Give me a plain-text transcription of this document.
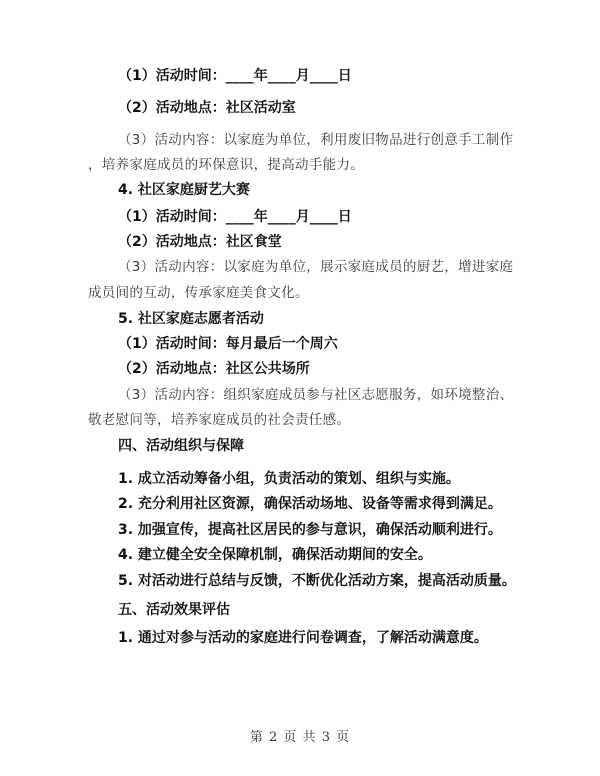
（1）活动时间：____年____月____日
（2）活动地点：社区活动室
（3）活动内容：以家庭为单位，利用废旧物品进行创意手工制作
，培养家庭成员的环保意识，提高动手能力。
4. 社区家庭厨艺大赛
（1）活动时间：____年____月____日
（2）活动地点：社区食堂
（3）活动内容：以家庭为单位，展示家庭成员的厨艺，增进家庭
成员间的互动，传承家庭美食文化。
5. 社区家庭志愿者活动
（1）活动时间：每月最后一个周六
（2）活动地点：社区公共场所
（3）活动内容：组织家庭成员参与社区志愿服务，如环境整治、
敬老慰问等，培养家庭成员的社会责任感。
四、活动组织与保障
1. 成立活动筹备小组，负责活动的策划、组织与实施。
2. 充分利用社区资源，确保活动场地、设备等需求得到满足。
3. 加强宣传，提高社区居民的参与意识，确保活动顺利进行。
4. 建立健全安全保障机制，确保活动期间的安全。
5. 对活动进行总结与反馈，不断优化活动方案，提高活动质量。
五、活动效果评估
1. 通过对参与活动的家庭进行问卷调查，了解活动满意度。
第 2 页 共 3 页
